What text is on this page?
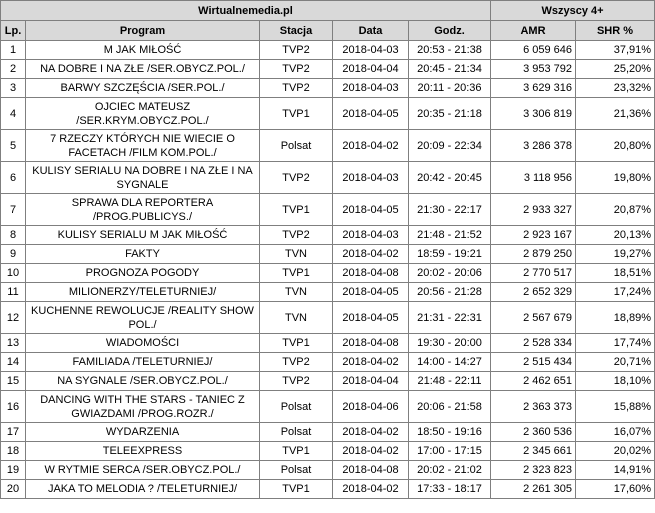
Wirtualnemedia.pl					Wszyscy 4+	
Lp.	Program	Stacja	Data	Godz.	AMR	SHR %
1	M JAK MIŁOŚĆ	TVP2	2018-04-03	20:53 - 21:38	6 059 646	37,91%
2	NA DOBRE I NA ZŁE /SER.OBYCZ.POL./	TVP2	2018-04-04	20:45 - 21:34	3 953 792	25,20%
3	BARWY SZCZĘŚCIA /SER.POL./	TVP2	2018-04-03	20:11 - 20:36	3 629 316	23,32%
4	OJCIEC MATEUSZ /SER.KRYM.OBYCZ.POL./	TVP1	2018-04-05	20:35 - 21:18	3 306 819	21,36%
5	7 RZECZY KTÓRYCH NIE WIECIE O FACETACH /FILM KOM.POL./	Polsat	2018-04-02	20:09 - 22:34	3 286 378	20,80%
6	KULISY SERIALU NA DOBRE I NA ZŁE I NA SYGNALE	TVP2	2018-04-03	20:42 - 20:45	3 118 956	19,80%
7	SPRAWA DLA REPORTERA /PROG.PUBLICYS./	TVP1	2018-04-05	21:30 - 22:17	2 933 327	20,87%
8	KULISY SERIALU M JAK MIŁOŚĆ	TVP2	2018-04-03	21:48 - 21:52	2 923 167	20,13%
9	FAKTY	TVN	2018-04-02	18:59 - 19:21	2 879 250	19,27%
10	PROGNOZA POGODY	TVP1	2018-04-08	20:02 - 20:06	2 770 517	18,51%
11	MILIONERZY/TELETURNIEJ/	TVN	2018-04-05	20:56 - 21:28	2 652 329	17,24%
12	KUCHENNE REWOLUCJE /REALITY SHOW POL./	TVN	2018-04-05	21:31 - 22:31	2 567 679	18,89%
13	WIADOMOŚCI	TVP1	2018-04-08	19:30 - 20:00	2 528 334	17,74%
14	FAMILIADA /TELETURNIEJ/	TVP2	2018-04-02	14:00 - 14:27	2 515 434	20,71%
15	NA SYGNALE /SER.OBYCZ.POL./	TVP2	2018-04-04	21:48 - 22:11	2 462 651	18,10%
16	DANCING WITH THE STARS - TANIEC Z GWIAZDAMI /PROG.ROZR./	Polsat	2018-04-06	20:06 - 21:58	2 363 373	15,88%
17	WYDARZENIA	Polsat	2018-04-02	18:50 - 19:16	2 360 536	16,07%
18	TELEEXPRESS	TVP1	2018-04-02	17:00 - 17:15	2 345 661	20,02%
19	W RYTMIE SERCA /SER.OBYCZ.POL./	Polsat	2018-04-08	20:02 - 21:02	2 323 823	14,91%
20	JAKA TO MELODIA ? /TELETURNIEJ/	TVP1	2018-04-02	17:33 - 18:17	2 261 305	17,60%
